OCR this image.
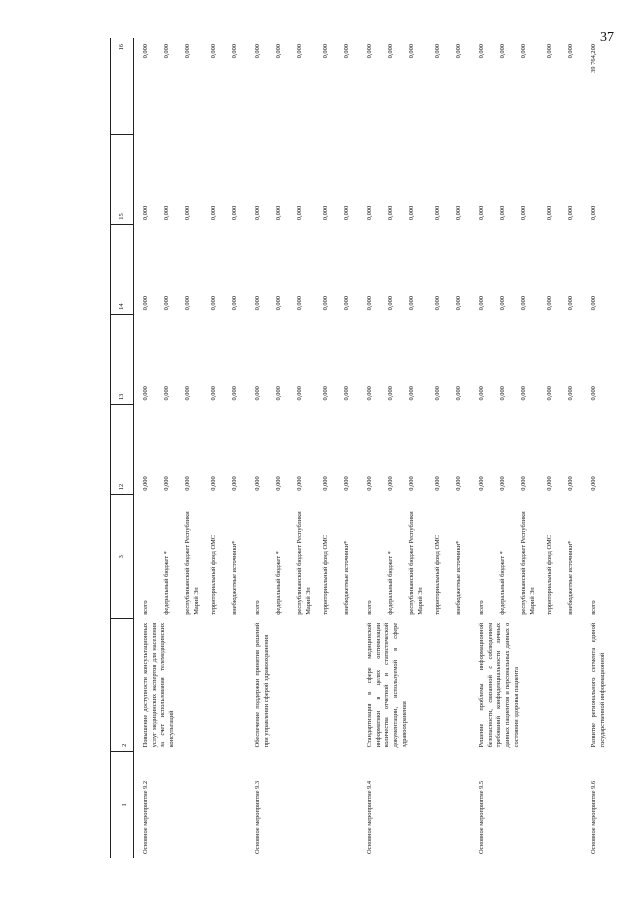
37
1	2	3	12	13	14	15	16
Основное мероприятие 9.2	Повышение доступности консультационных услуг медицинских экспертов для населения за счет использования телемедицинских консультаций	всего	0,000	0,000	0,000	0,000	0,000
		федеральный бюджет *	0,000	0,000	0,000	0,000	0,000
		республиканский бюджет Республики Марий Эл	0,000	0,000	0,000	0,000	0,000
		территориальный фонд ОМС	0,000	0,000	0,000	0,000	0,000
		внебюджетные источники*	0,000	0,000	0,000	0,000	0,000
Основное мероприятие 9.3	Обеспечение поддержки принятия решений при управлении сферой здравоохранения	всего	0,000	0,000	0,000	0,000	0,000
		федеральный бюджет *	0,000	0,000	0,000	0,000	0,000
		республиканский бюджет Республики Марий Эл	0,000	0,000	0,000	0,000	0,000
		территориальный фонд ОМС	0,000	0,000	0,000	0,000	0,000
		внебюджетные источники*	0,000	0,000	0,000	0,000	0,000
Основное мероприятие 9.4	Стандартизация в сфере медицинской информатики в целях оптимизации количества отчетной и статистической документации, используемой в сфере здравоохранения	всего	0,000	0,000	0,000	0,000	0,000
		федеральный бюджет *	0,000	0,000	0,000	0,000	0,000
		республиканский бюджет Республики Марий Эл	0,000	0,000	0,000	0,000	0,000
		территориальный фонд ОМС	0,000	0,000	0,000	0,000	0,000
		внебюджетные источники*	0,000	0,000	0,000	0,000	0,000
Основное мероприятие 9.5	Решение проблемы информационной безопасности, связанной с соблюдением требований конфиденциальности личных данных пациентов и персональных данных о состоянии здоровья пациента	всего	0,000	0,000	0,000	0,000	0,000
		федеральный бюджет *	0,000	0,000	0,000	0,000	0,000
		республиканский бюджет Республики Марий Эл	0,000	0,000	0,000	0,000	0,000
		территориальный фонд ОМС	0,000	0,000	0,000	0,000	0,000
		внебюджетные источники*	0,000	0,000	0,000	0,000	0,000
Основное мероприятие 9.6	Развитие регионального сегмента единой государственной информационной	всего	0,000	0,000	0,000	0,000	39 764,200
